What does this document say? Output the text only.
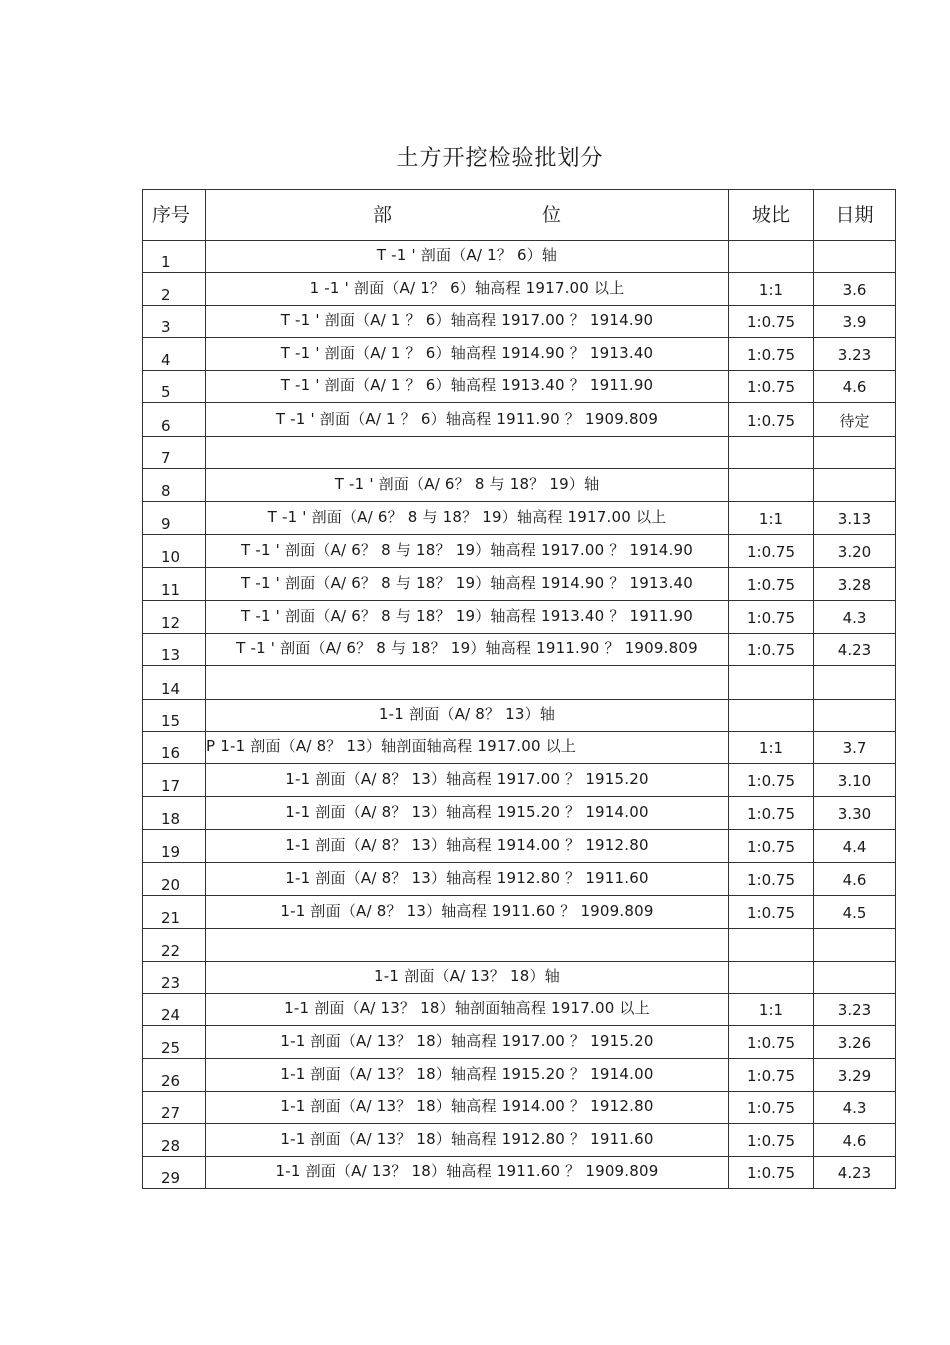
土方开挖检验批划分
序号	部 位	坡比	日期
1	T -1 ' 剖面（A/ 1？ 6）轴		
2	1 -1 ' 剖面（A/ 1？ 6）轴高程 1917.00 以上	1:1	3.6
3	T -1 ' 剖面（A/ 1 ？ 6）轴高程 1917.00 ？ 1914.90	1:0.75	3.9
4	T -1 ' 剖面（A/ 1 ？ 6）轴高程 1914.90 ？ 1913.40	1:0.75	3.23
5	T -1 ' 剖面（A/ 1 ？ 6）轴高程 1913.40 ？ 1911.90	1:0.75	4.6
6	T -1 ' 剖面（A/ 1 ？ 6）轴高程 1911.90 ？ 1909.809	1:0.75	待定
7			
8	T -1 ' 剖面（A/ 6？ 8 与 18？ 19）轴		
9	T -1 ' 剖面（A/ 6？ 8 与 18？ 19）轴高程 1917.00 以上	1:1	3.13
10	T -1 ' 剖面（A/ 6？ 8 与 18？ 19）轴高程 1917.00 ？ 1914.90	1:0.75	3.20
11	T -1 ' 剖面（A/ 6？ 8 与 18？ 19）轴高程 1914.90 ？ 1913.40	1:0.75	3.28
12	T -1 ' 剖面（A/ 6？ 8 与 18？ 19）轴高程 1913.40 ？ 1911.90	1:0.75	4.3
13	T -1 ' 剖面（A/ 6？ 8 与 18？ 19）轴高程 1911.90 ？ 1909.809	1:0.75	4.23
14			
15	1-1 剖面（A/ 8？ 13）轴		
16	P 1-1 剖面（A/ 8？ 13）轴剖面轴高程 1917.00 以上	1:1	3.7
17	1-1 剖面（A/ 8？ 13）轴高程 1917.00 ？ 1915.20	1:0.75	3.10
18	1-1 剖面（A/ 8？ 13）轴高程 1915.20 ？ 1914.00	1:0.75	3.30
19	1-1 剖面（A/ 8？ 13）轴高程 1914.00 ？ 1912.80	1:0.75	4.4
20	1-1 剖面（A/ 8？ 13）轴高程 1912.80 ？ 1911.60	1:0.75	4.6
21	1-1 剖面（A/ 8？ 13）轴高程 1911.60 ？ 1909.809	1:0.75	4.5
22			
23	1-1 剖面（A/ 13？ 18）轴		
24	1-1 剖面（A/ 13？ 18）轴剖面轴高程 1917.00 以上	1:1	3.23
25	1-1 剖面（A/ 13？ 18）轴高程 1917.00 ？ 1915.20	1:0.75	3.26
26	1-1 剖面（A/ 13？ 18）轴高程 1915.20 ？ 1914.00	1:0.75	3.29
27	1-1 剖面（A/ 13？ 18）轴高程 1914.00 ？ 1912.80	1:0.75	4.3
28	1-1 剖面（A/ 13？ 18）轴高程 1912.80 ？ 1911.60	1:0.75	4.6
29	1-1 剖面（A/ 13？ 18）轴高程 1911.60 ？ 1909.809	1:0.75	4.23
